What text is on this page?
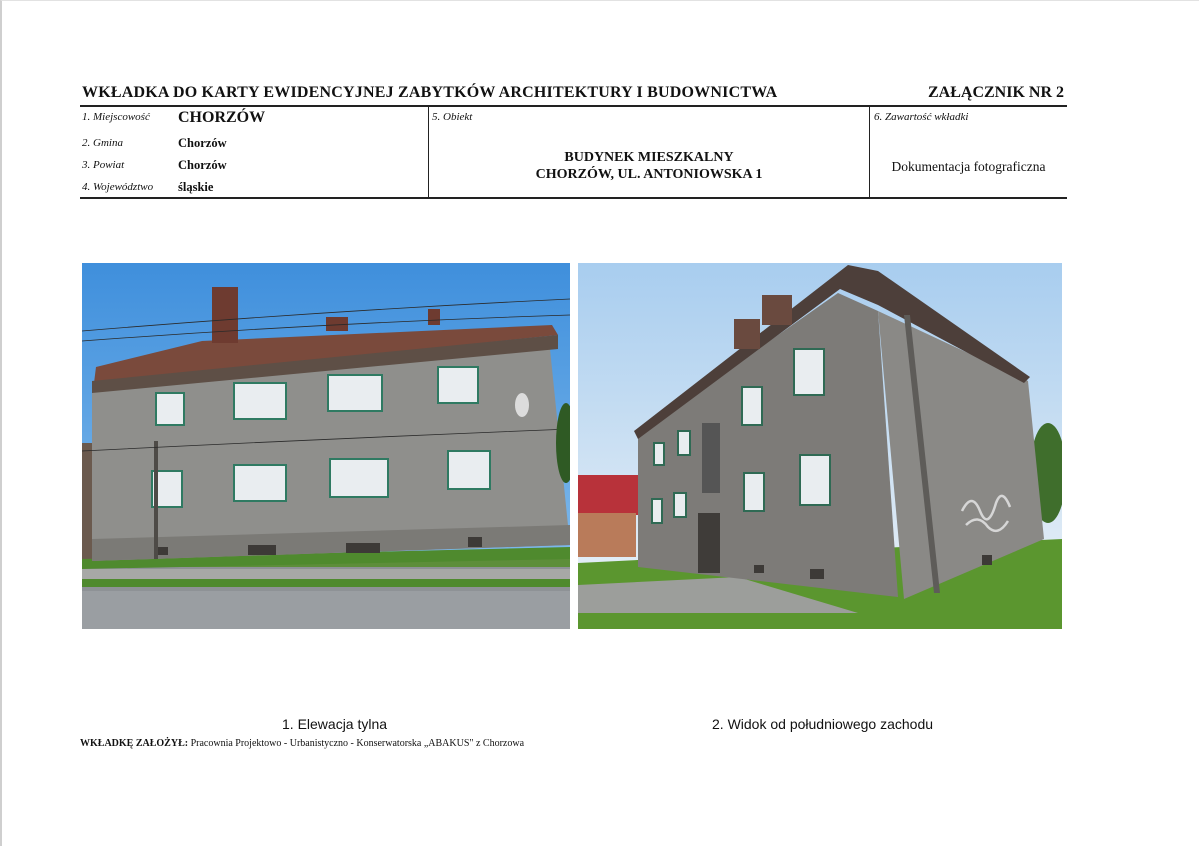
WKŁADKA DO KARTY EWIDENCYJNEJ ZABYTKÓW ARCHITEKTURY I BUDOWNICTWA	ZAŁĄCZNIK NR 2
1. Miejscowość CHORZÓW
2. Gmina	Chorzów
3. Powiat	Chorzów
4. Województwo śląskie
5. Obiekt
BUDYNEK MIESZKALNY
CHORZÓW, UL. ANTONIOWSKA 1
6. Zawartość wkładki
Dokumentacja fotograficzna
1. Elewacja tylna	2. Widok od południowego zachodu
WKŁADKĘ ZAŁOŻYŁ: Pracownia Projektowo - Urbanistyczno - Konserwatorska „ABAKUS" z Chorzowa
